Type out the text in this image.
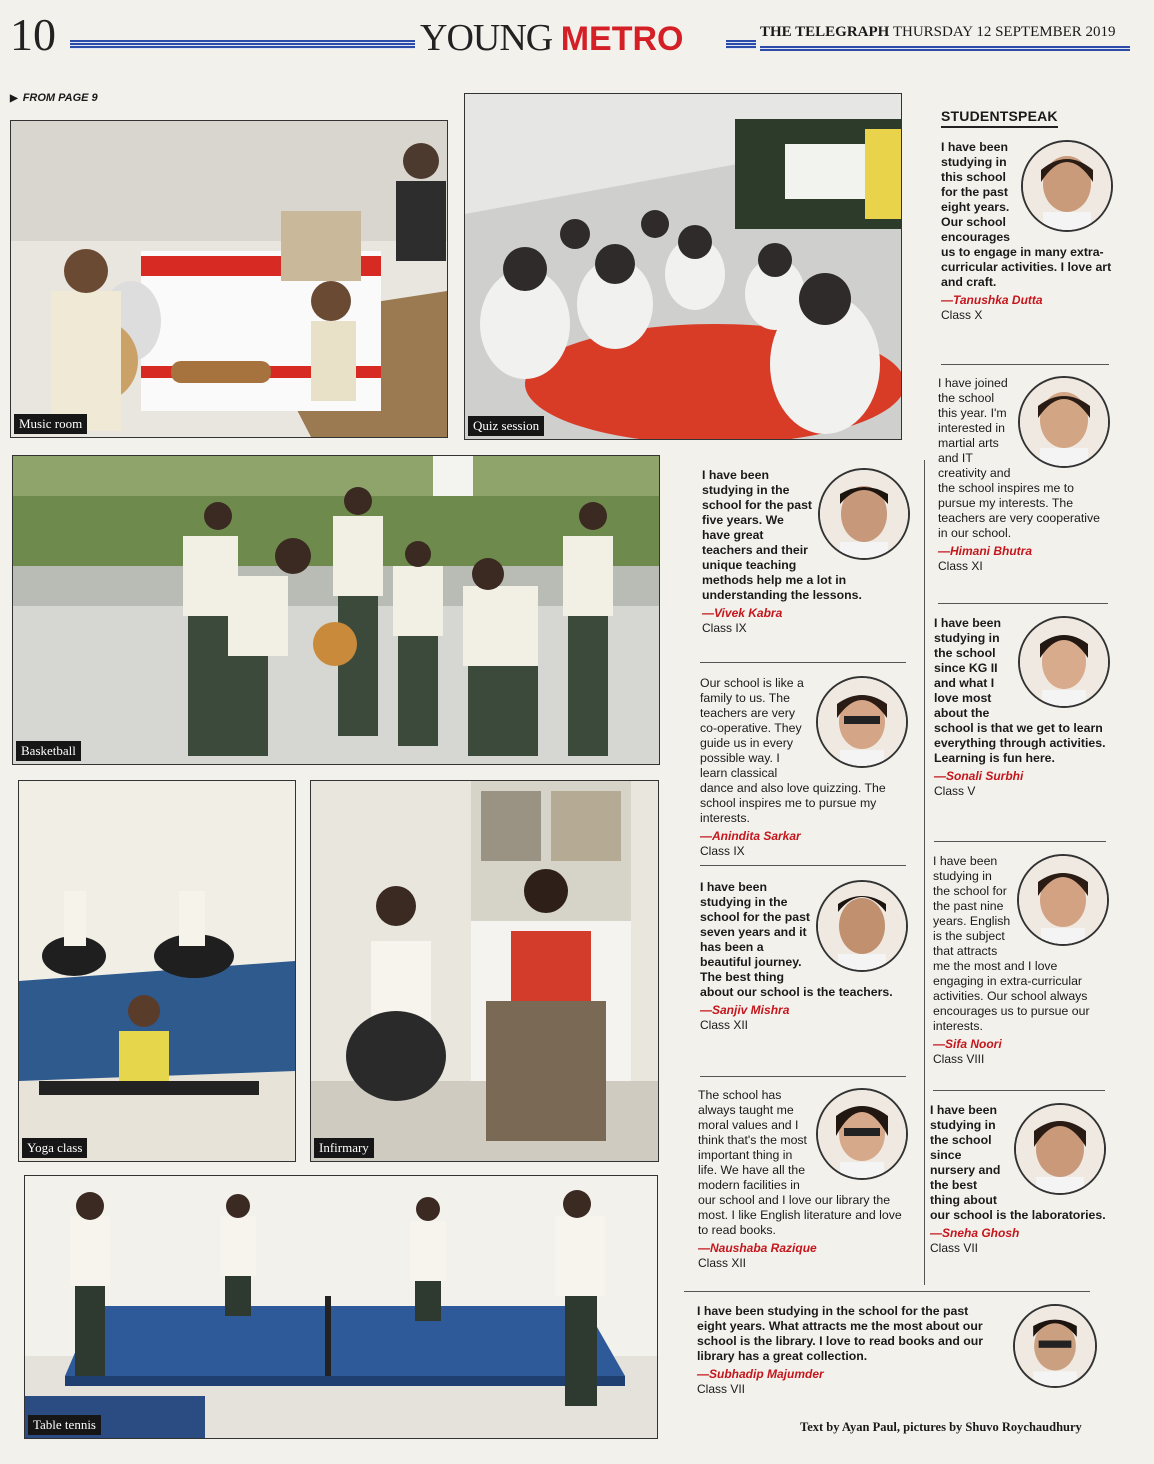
10	YOUNG METRO	THE TELEGRAPH THURSDAY 12 SEPTEMBER 2019
▶ FROM PAGE 9
Music room	Quiz session
Basketball
Yoga class	Infirmary
Table tennis
STUDENTSPEAK
I have been studying in this school for the past eight years. Our school encourages us to engage in many extra-curricular activities. I love art and craft.
— Tanushka Dutta
Class X
I have joined the school this year. I'm interested in martial arts and IT creativity and the school inspires me to pursue my interests. The teachers are very cooperative in our school.
— Himani Bhutra
Class XI
I have been studying in the school since KG II and what I love most about the school is that we get to learn everything through activities. Learning is fun here.
— Sonali Surbhi
Class V
I have been studying in the school for the past nine years. English is the subject that attracts me the most and I love engaging in extra-curricular activities. Our school always encourages us to pursue our interests.
— Sifa Noori
Class VIII
I have been studying in the school since nursery and the best thing about our school is the laboratories.
— Sneha Ghosh
Class VII
I have been studying in the school for the past five years. We have great teachers and their unique teaching methods help me a lot in understanding the lessons.
— Vivek Kabra
Class IX
Our school is like a family to us. The teachers are very co-operative. They guide us in every possible way. I learn classical dance and also love quizzing. The school inspires me to pursue my interests.
— Anindita Sarkar
Class IX
I have been studying in the school for the past seven years and it has been a beautiful journey. The best thing about our school is the teachers.
— Sanjiv Mishra
Class XII
The school has always taught me moral values and I think that's the most important thing in life. We have all the modern facilities in our school and I love our library the most. I like English literature and love to read books.
— Naushaba Razique
Class XII
I have been studying in the school for the past eight years. What attracts me the most about our school is the library. I love to read books and our library has a great collection.
— Subhadip Majumder
Class VII
Text by Ayan Paul, pictures by Shuvo Roychaudhury
